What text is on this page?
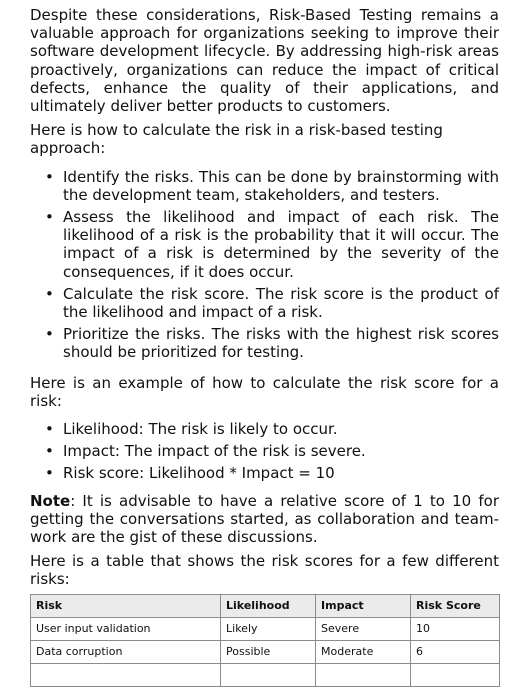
Despite these considerations, Risk-Based Testing remains a valuable approach for organizations seeking to improve their software development lifecycle. By addressing high-risk areas proactively, organizations can reduce the impact of critical defects, enhance the quality of their applications, and ultimately deliver better products to customers.

Here is how to calculate the risk in a risk-based testing approach:

• Identify the risks. This can be done by brainstorming with the development team, stakeholders, and testers.
• Assess the likelihood and impact of each risk. The likelihood of a risk is the probability that it will occur. The impact of a risk is determined by the severity of the consequences, if it does occur.
• Calculate the risk score. The risk score is the product of the likelihood and impact of a risk.
• Prioritize the risks. The risks with the highest risk scores should be prioritized for testing.

Here is an example of how to calculate the risk score for a risk:

• Likelihood: The risk is likely to occur.
• Impact: The impact of the risk is severe.
• Risk score: Likelihood * Impact = 10

Note: It is advisable to have a relative score of 1 to 10 for getting the conversations started, as collaboration and team-work are the gist of these discussions.

Here is a table that shows the risk scores for a few different risks:

Risk	Likelihood	Impact	Risk Score
User input validation	Likely	Severe	10
Data corruption	Possible	Moderate	6
